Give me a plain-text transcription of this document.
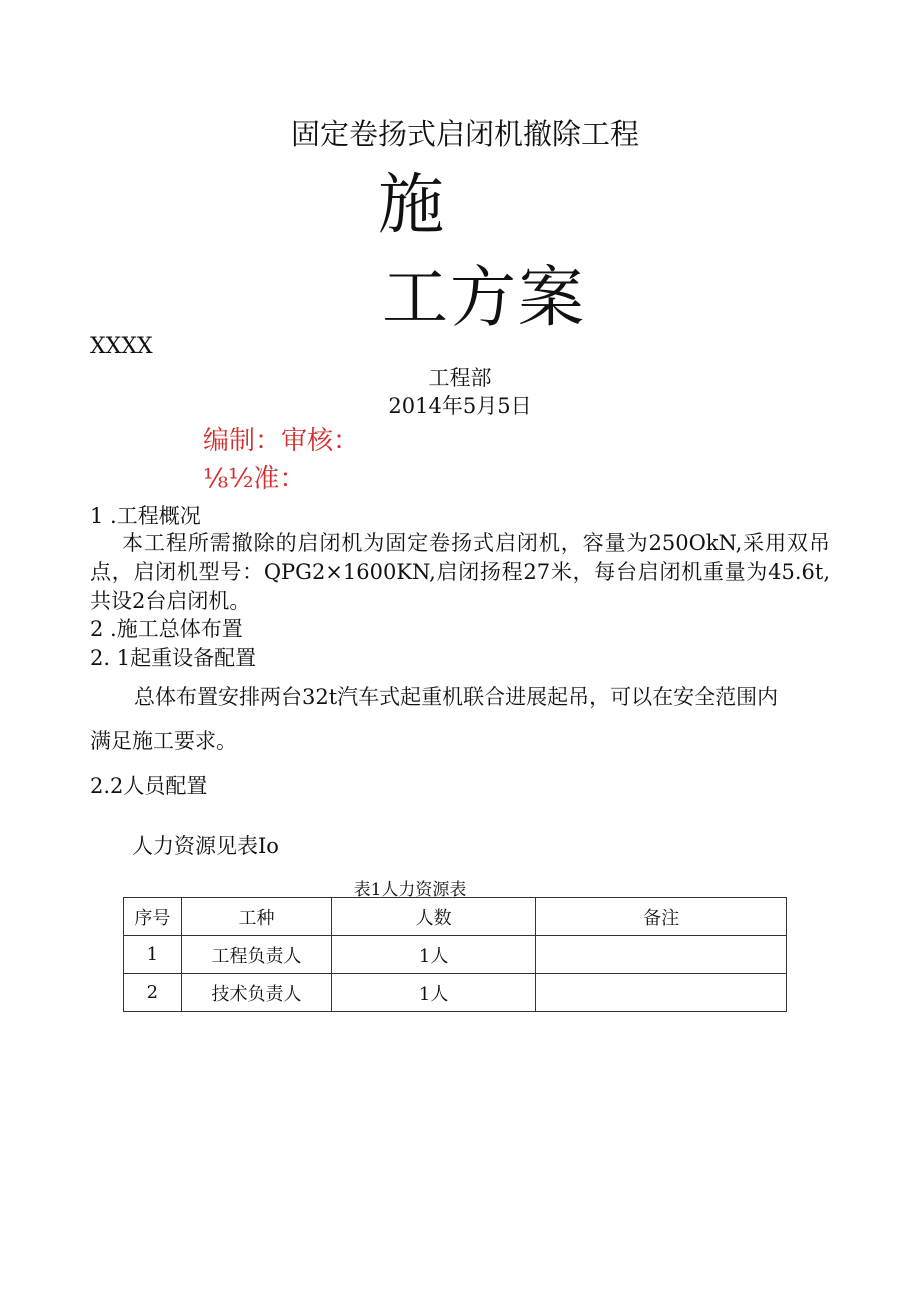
固定卷扬式启闭机撤除工程
施
工方案
XXXX
工程部
2014年5月5日
编制：审核：
⅛½准：
1 .工程概况
本工程所需撤除的启闭机为固定卷扬式启闭机，容量为250OkN,采用双吊点，启闭机型号：QPG2×1600KN,启闭扬程27米，每台启闭机重量为45.6t,共设2台启闭机。
2 .施工总体布置
2. 1起重设备配置
总体布置安排两台32t汽车式起重机联合进展起吊，可以在安全范围内
满足施工要求。
2.2人员配置
人力资源见表Io
表1人力资源表
序号	工种	人数	备注
1	工程负责人	1人	
2	技术负责人	1人	
